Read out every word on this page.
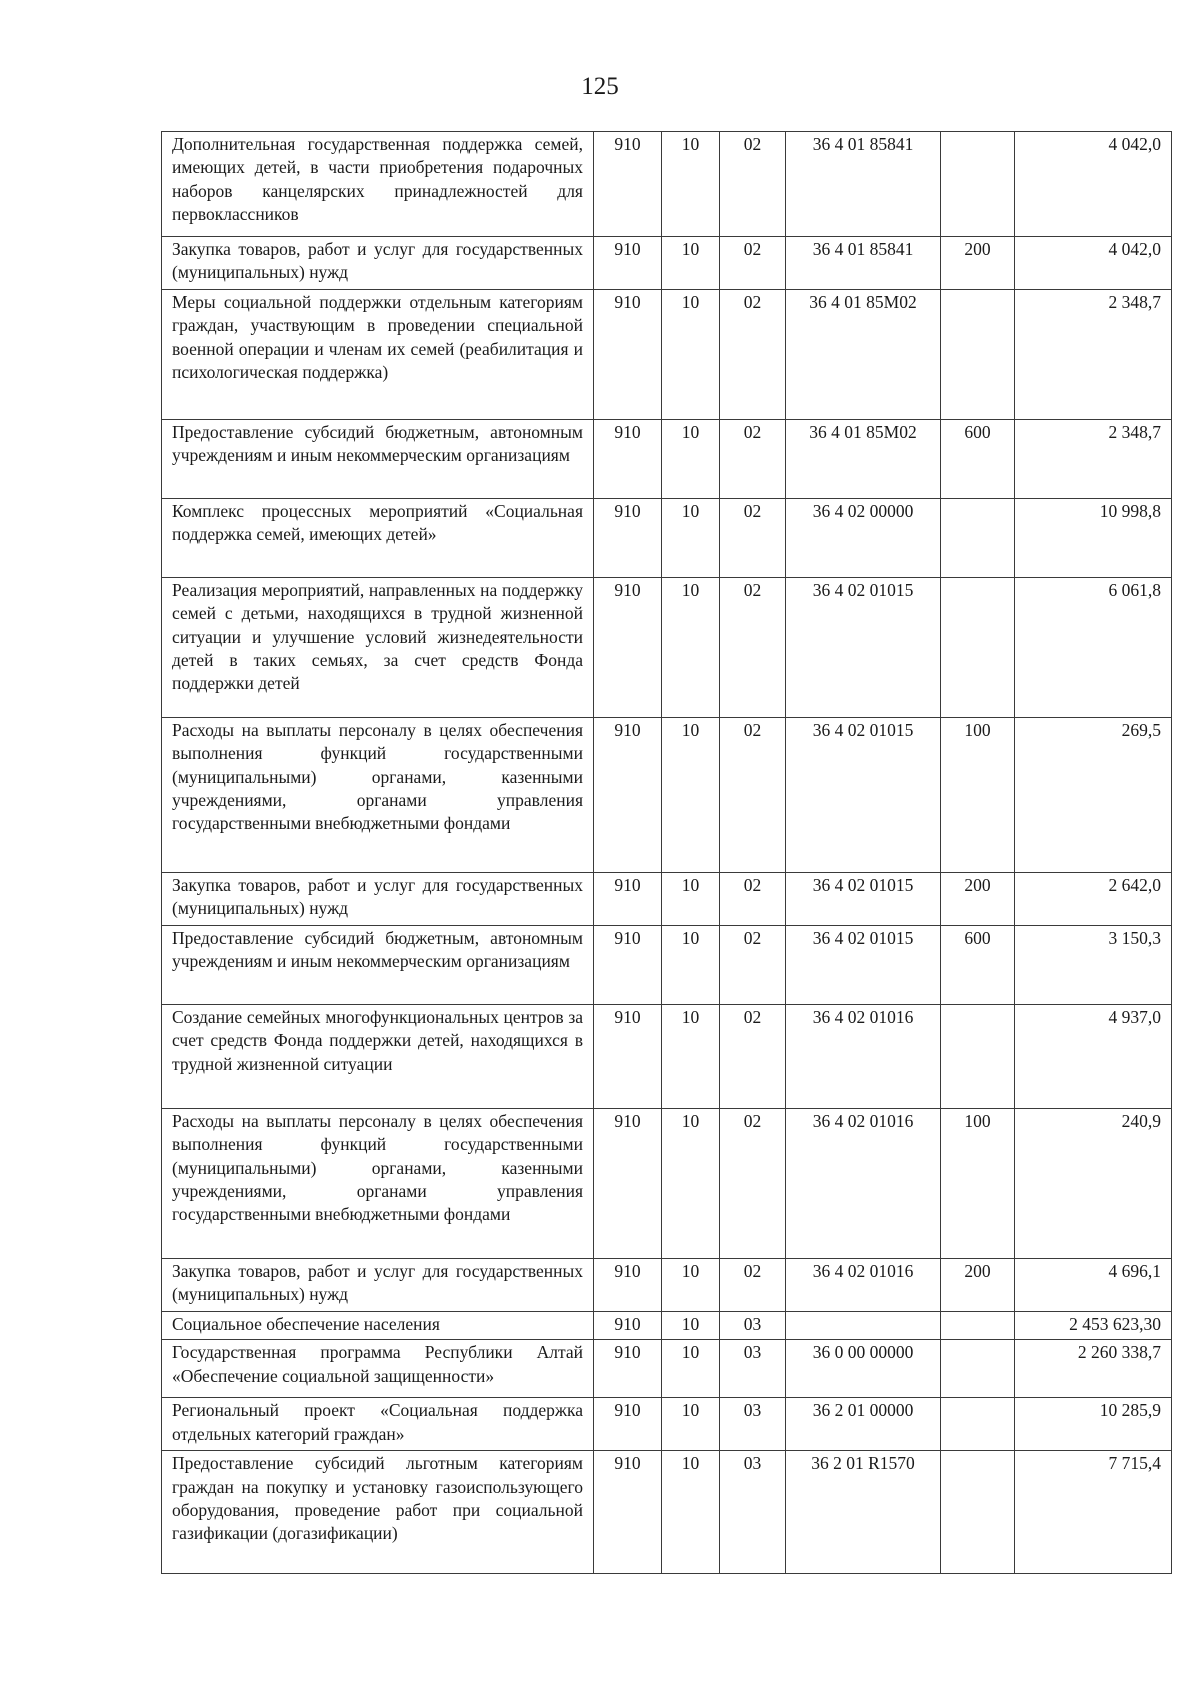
125
Дополнительная государственная поддержка семей, имеющих детей, в части приобретения подарочных наборов канцелярских принадлежностей для первоклассников	910	10	02	36 4 01 85841		4 042,0
Закупка товаров, работ и услуг для государственных (муниципальных) нужд	910	10	02	36 4 01 85841	200	4 042,0
Меры социальной поддержки отдельным категориям граждан, участвующим в проведении специальной военной операции и членам их семей (реабилитация и психологическая поддержка)	910	10	02	36 4 01 85М02		2 348,7
Предоставление субсидий бюджетным, автономным учреждениям и иным некоммерческим организациям	910	10	02	36 4 01 85М02	600	2 348,7
Комплекс процессных мероприятий «Социальная поддержка семей, имеющих детей»	910	10	02	36 4 02 00000		10 998,8
Реализация мероприятий, направленных на поддержку семей с детьми, находящихся в трудной жизненной ситуации и улучшение условий жизнедеятельности детей в таких семьях, за счет средств Фонда поддержки детей	910	10	02	36 4 02 01015		6 061,8
Расходы на выплаты персоналу в целях обеспечения выполнения функций государственными (муниципальными) органами, казенными учреждениями, органами управления государственными внебюджетными фондами	910	10	02	36 4 02 01015	100	269,5
Закупка товаров, работ и услуг для государственных (муниципальных) нужд	910	10	02	36 4 02 01015	200	2 642,0
Предоставление субсидий бюджетным, автономным учреждениям и иным некоммерческим организациям	910	10	02	36 4 02 01015	600	3 150,3
Создание семейных многофункциональных центров за счет средств Фонда поддержки детей, находящихся в трудной жизненной ситуации	910	10	02	36 4 02 01016		4 937,0
Расходы на выплаты персоналу в целях обеспечения выполнения функций государственными (муниципальными) органами, казенными учреждениями, органами управления государственными внебюджетными фондами	910	10	02	36 4 02 01016	100	240,9
Закупка товаров, работ и услуг для государственных (муниципальных) нужд	910	10	02	36 4 02 01016	200	4 696,1
Социальное обеспечение населения	910	10	03			2 453 623,30
Государственная программа Республики Алтай «Обеспечение социальной защищенности»	910	10	03	36 0 00 00000		2 260 338,7
Региональный проект «Социальная поддержка отдельных категорий граждан»	910	10	03	36 2 01 00000		10 285,9
Предоставление субсидий льготным категориям граждан на покупку и установку газоиспользующего оборудования, проведение работ при социальной газификации (догазификации)	910	10	03	36 2 01 R1570		7 715,4
